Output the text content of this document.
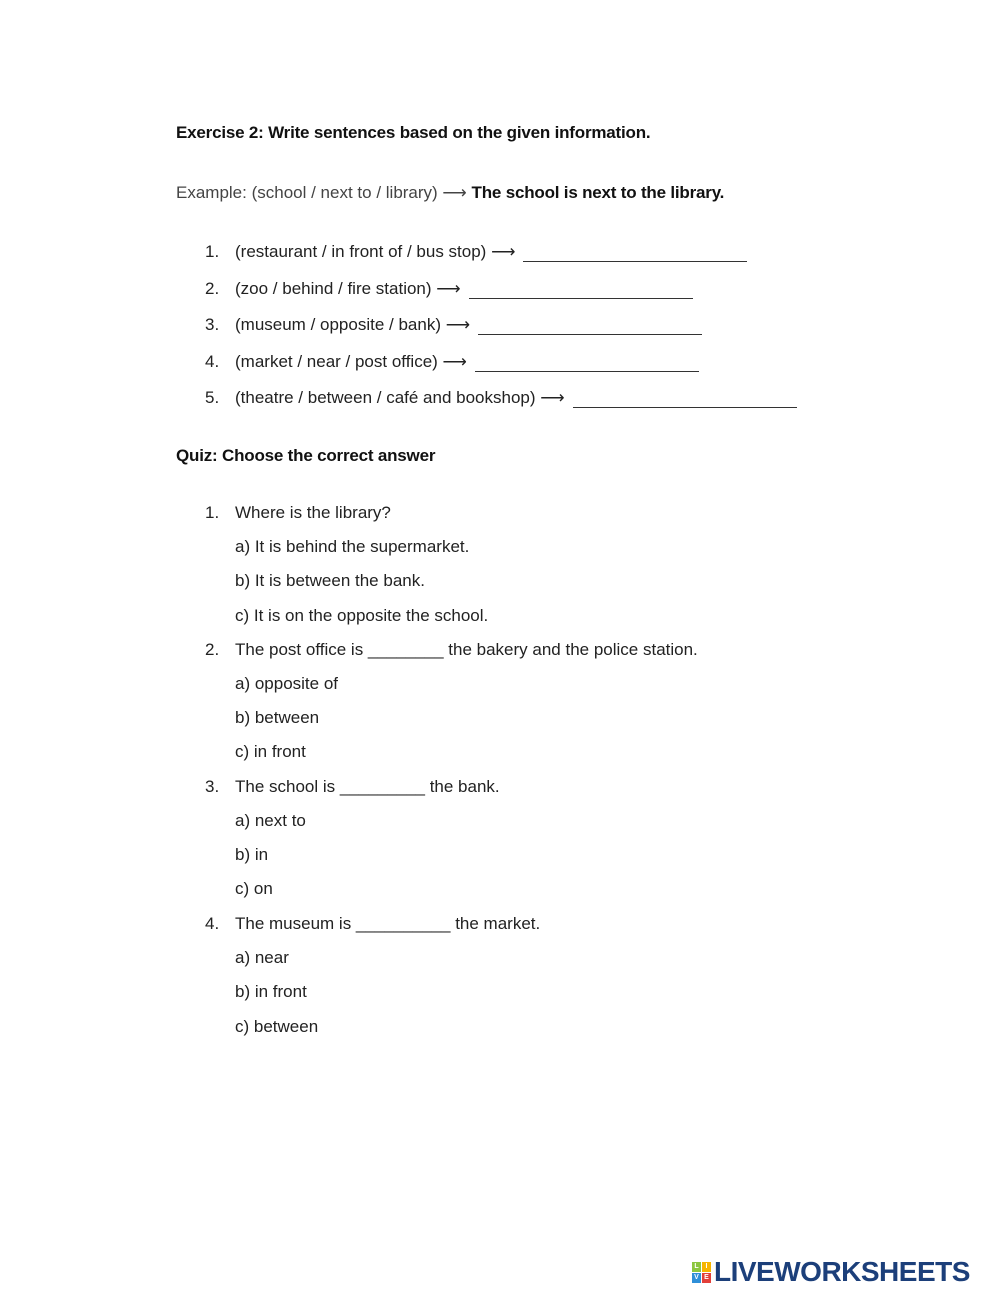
Exercise 2: Write sentences based on the given information.
Example: (school / next to / library) ⟶ The school is next to the library.
1. (restaurant / in front of / bus stop) ⟶
2. (zoo / behind / fire station) ⟶
3. (museum / opposite / bank) ⟶
4. (market / near / post office) ⟶
5. (theatre / between / café and bookshop) ⟶
Quiz: Choose the correct answer
1. Where is the library?
a) It is behind the supermarket.
b) It is between the bank.
c) It is on the opposite the school.
2. The post office is ________ the bakery and the police station.
a) opposite of
b) between
c) in front
3. The school is _________ the bank.
a) next to
b) in
c) on
4. The museum is __________ the market.
a) near
b) in front
c) between
L I
V E LIVEWORKSHEETS
